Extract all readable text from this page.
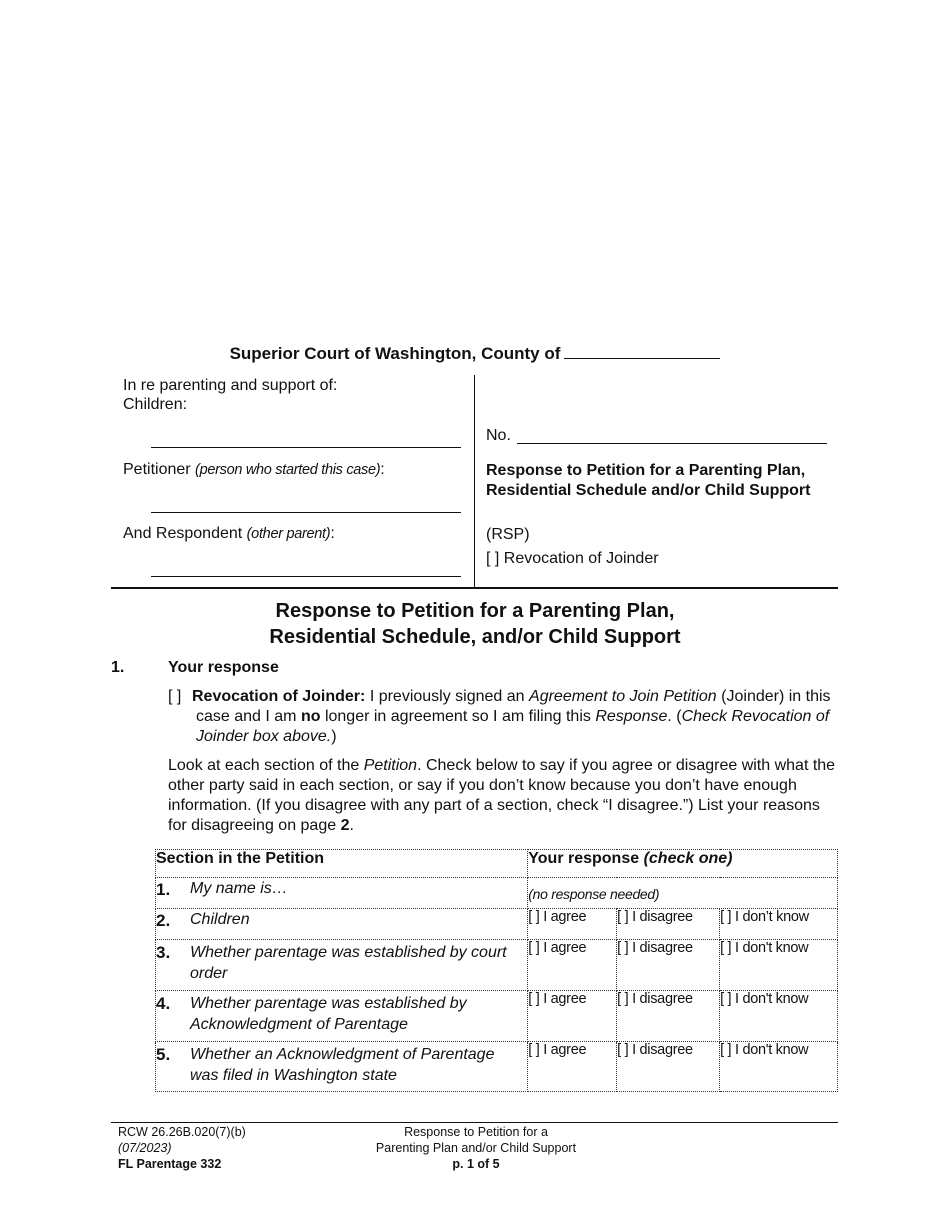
Superior Court of Washington, County of
In re parenting and support of:
Children:
Petitioner (person who started this case):
And Respondent (other parent):
No.
Response to Petition for a Parenting Plan, Residential Schedule and/or Child Support
(RSP)
[ ] Revocation of Joinder
Response to Petition for a Parenting Plan,
Residential Schedule, and/or Child Support
1.	Your response
[ ] Revocation of Joinder: I previously signed an Agreement to Join Petition (Joinder) in this case and I am no longer in agreement so I am filing this Response. (Check Revocation of Joinder box above.)
Look at each section of the Petition. Check below to say if you agree or disagree with what the other party said in each section, or say if you don’t know because you don’t have enough information. (If you disagree with any part of a section, check “I disagree.”) List your reasons for disagreeing on page 2.
Section in the Petition	Your response (check one)		

1. My name is…	(no response needed)		

2. Children	[ ] I agree	[ ] I disagree	[ ] I don’t know

3. Whether parentage was established by court order	[ ] I agree	[ ] I disagree	[ ] I don't know

4. Whether parentage was established by Acknowledgment of Parentage	[ ] I agree	[ ] I disagree	[ ] I don't know

5. Whether an Acknowledgment of Parentage was filed in Washington state	[ ] I agree	[ ] I disagree	[ ] I don't know
RCW 26.26B.020(7)(b)
(07/2023)
FL Parentage 332
Response to Petition for a
Parenting Plan and/or Child Support
p. 1 of 5
